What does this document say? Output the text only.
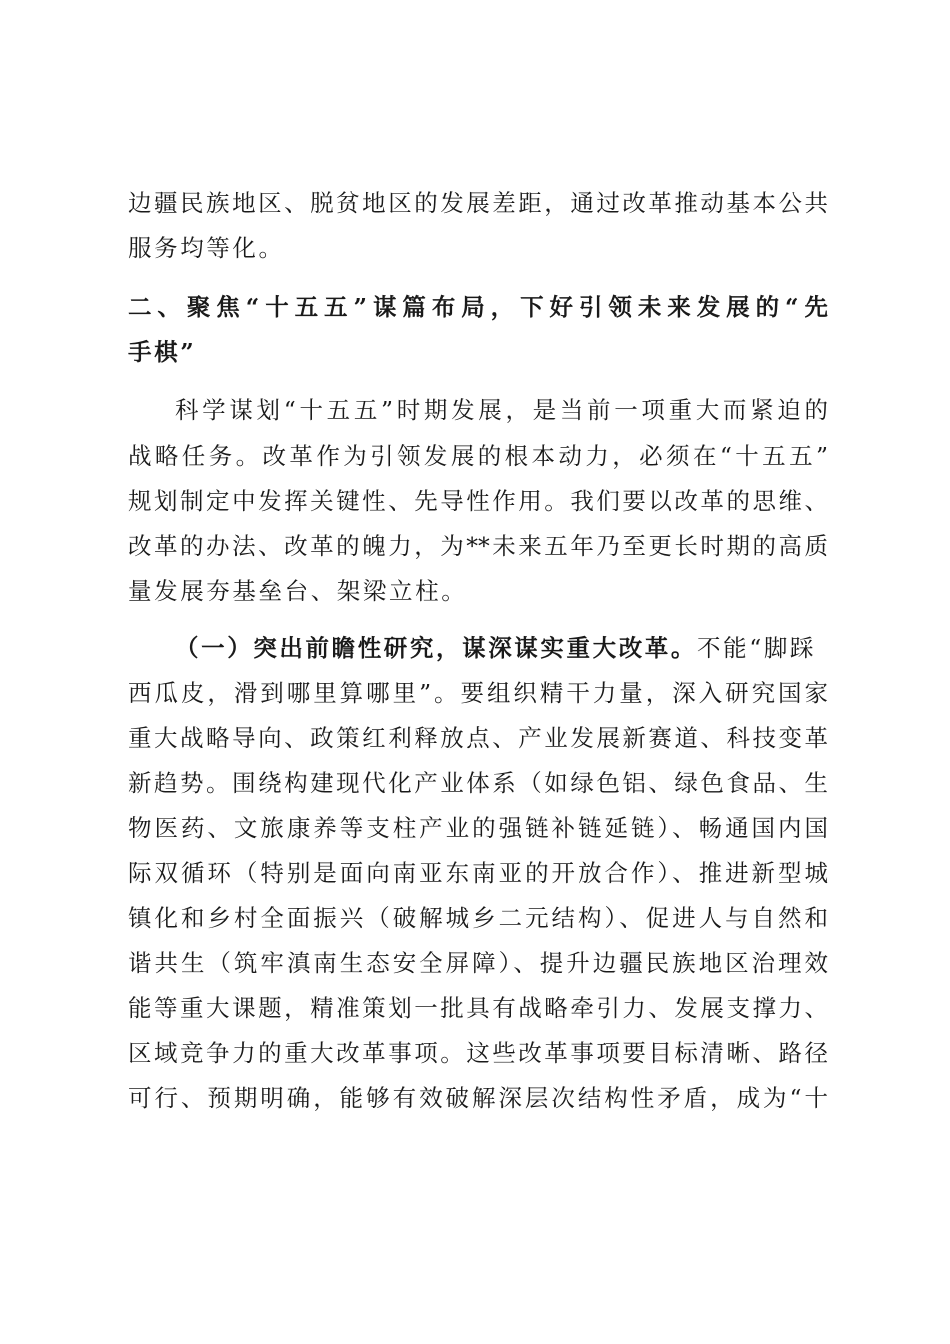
边疆民族地区、脱贫地区的发展差距，通过改革推动基本公共
服务均等化。
二、聚焦“十五五”谋篇布局，下好引领未来发展的“先
手棋”
科学谋划“十五五”时期发展，是当前一项重大而紧迫的
战略任务。改革作为引领发展的根本动力，必须在“十五五”
规划制定中发挥关键性、先导性作用。我们要以改革的思维、
改革的办法、改革的魄力，为**未来五年乃至更长时期的高质
量发展夯基垒台、架梁立柱。
（一）突出前瞻性研究，谋深谋实重大改革。不能“脚踩
西瓜皮，滑到哪里算哪里”。要组织精干力量，深入研究国家
重大战略导向、政策红利释放点、产业发展新赛道、科技变革
新趋势。围绕构建现代化产业体系（如绿色铝、绿色食品、生
物医药、文旅康养等支柱产业的强链补链延链）、畅通国内国
际双循环（特别是面向南亚东南亚的开放合作）、推进新型城
镇化和乡村全面振兴（破解城乡二元结构）、促进人与自然和
谐共生（筑牢滇南生态安全屏障）、提升边疆民族地区治理效
能等重大课题，精准策划一批具有战略牵引力、发展支撑力、
区域竞争力的重大改革事项。这些改革事项要目标清晰、路径
可行、预期明确，能够有效破解深层次结构性矛盾，成为“十
